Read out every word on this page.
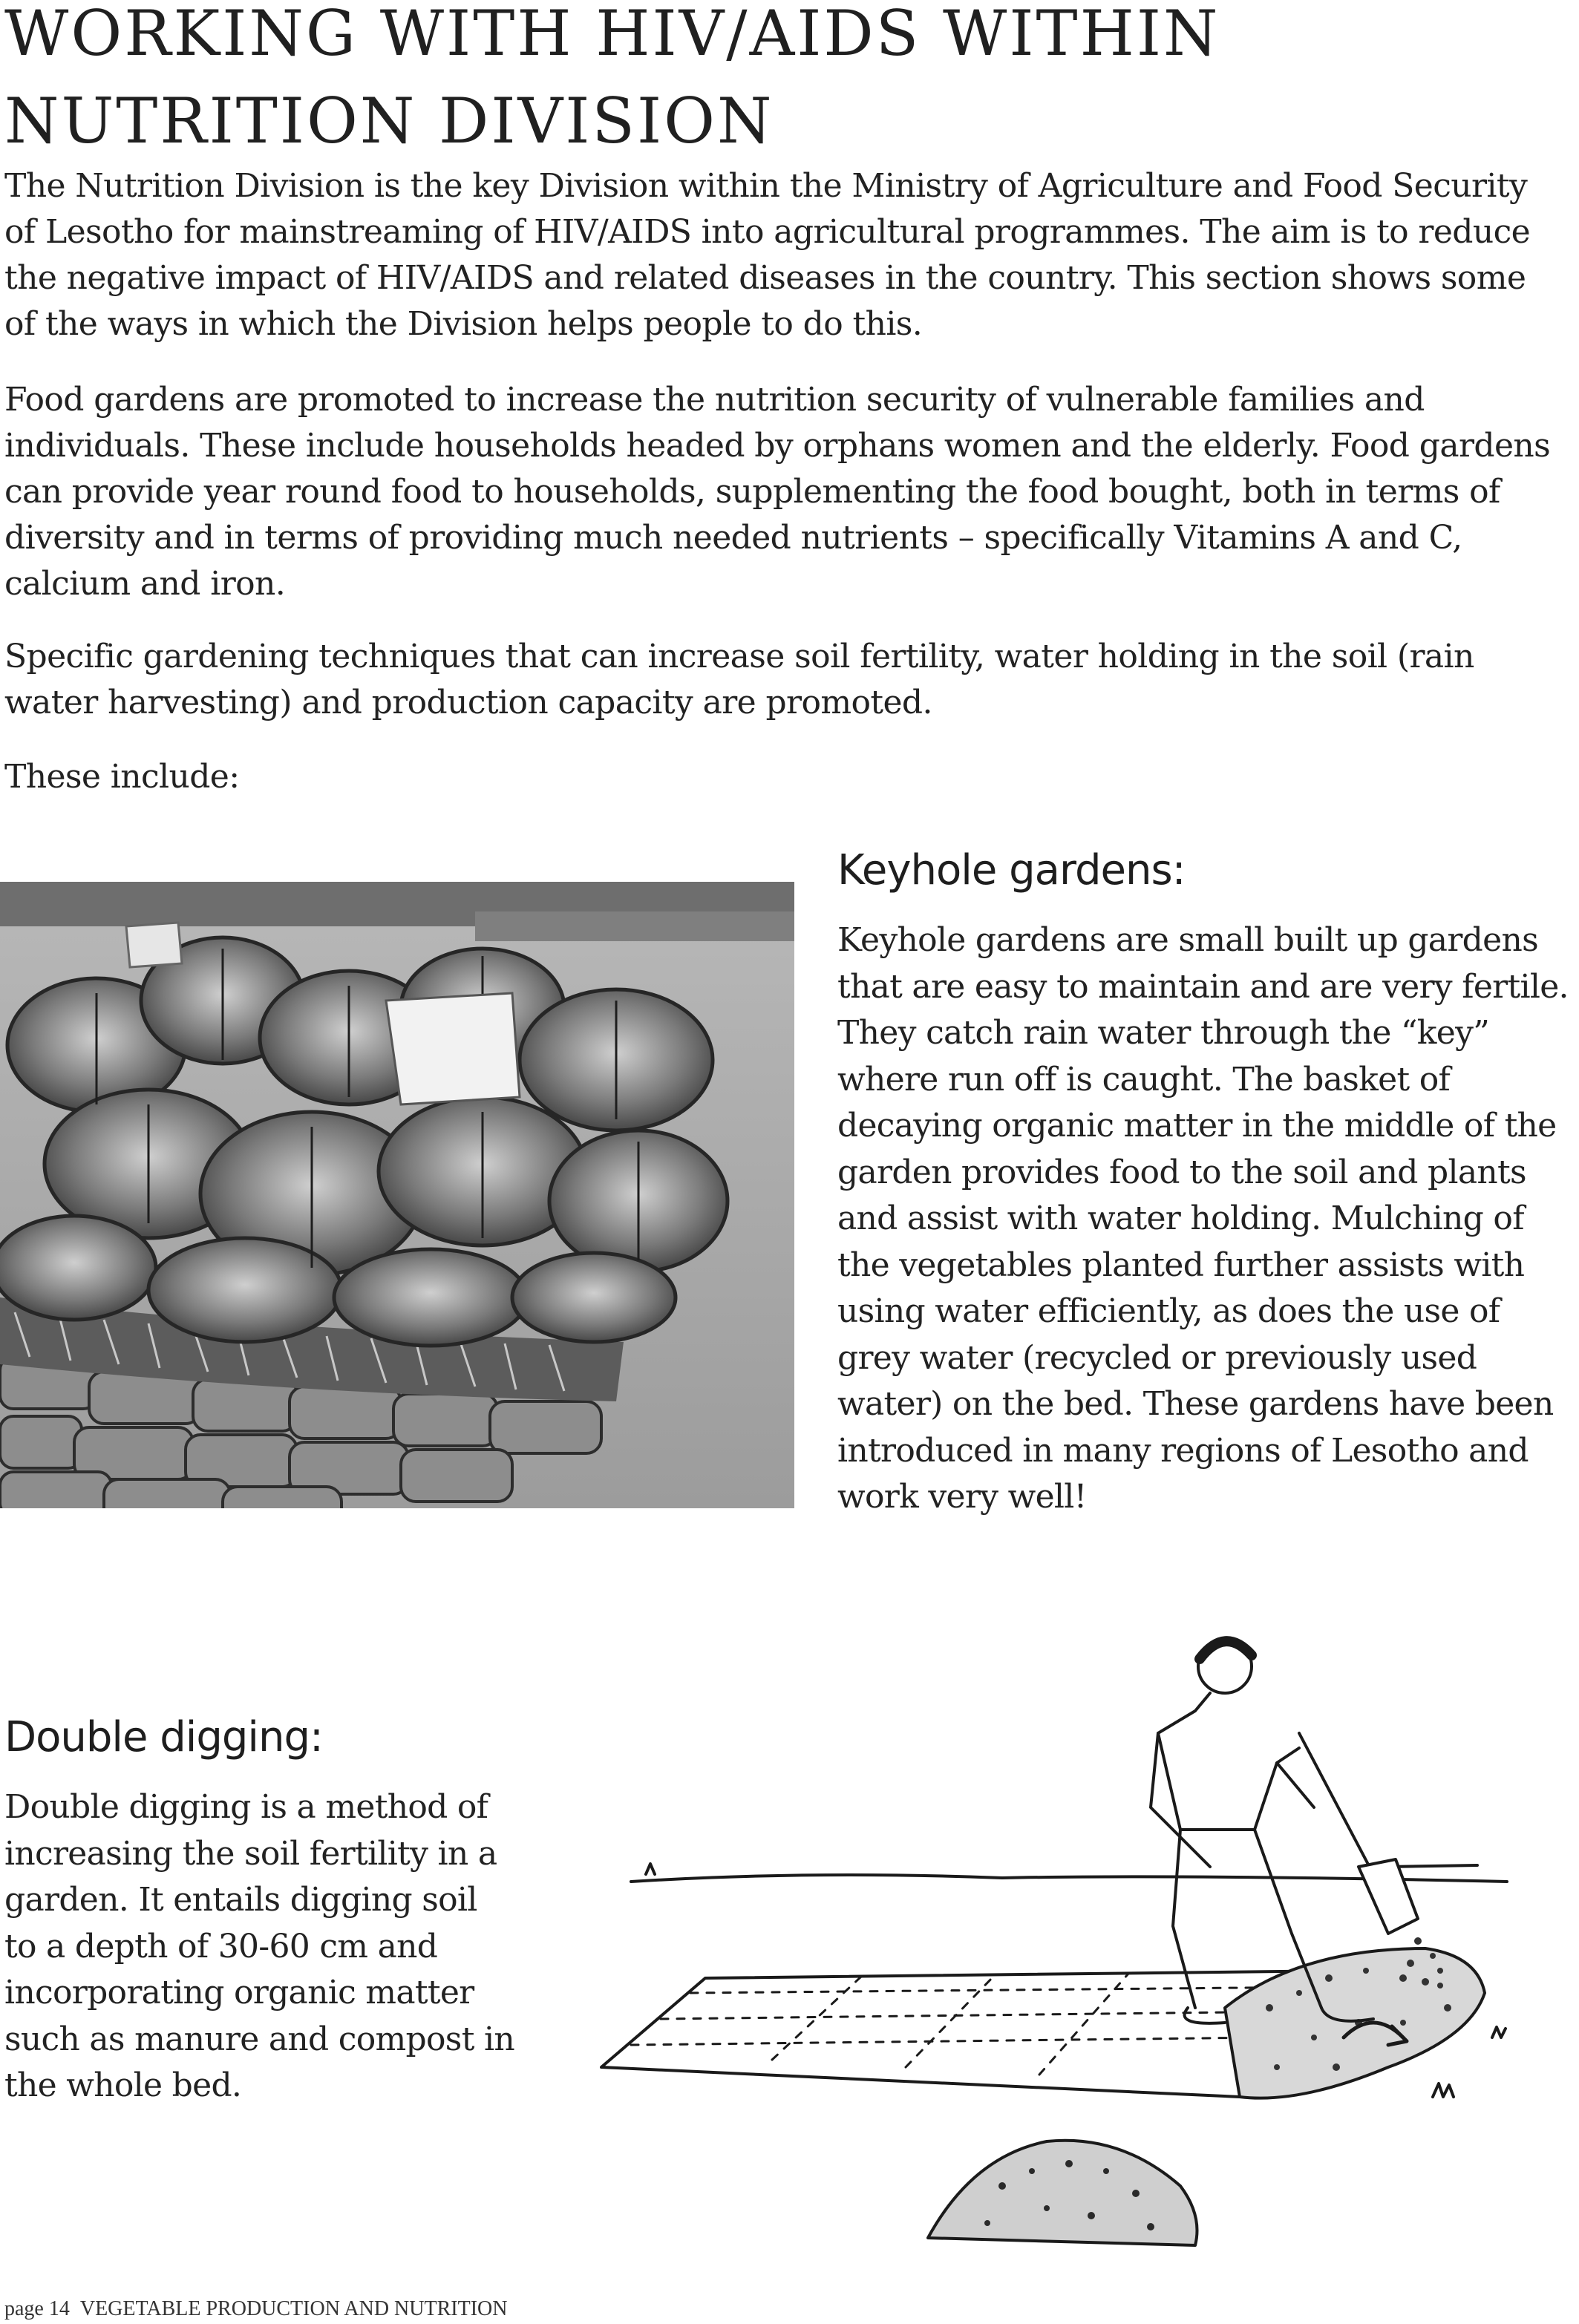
WORKING WITH HIV/AIDS WITHIN NUTRITION DIVISION

The Nutrition Division is the key Division within the Ministry of Agriculture and Food Security of Lesotho for mainstreaming of HIV/AIDS into agricultural programmes. The aim is to reduce the negative impact of HIV/AIDS and related diseases in the country. This section shows some of the ways in which the Division helps people to do this.

Food gardens are promoted to increase the nutrition security of vulnerable families and individuals. These include households headed by orphans women and the elderly. Food gardens can provide year round food to households, supplementing the food bought, both in terms of diversity and in terms of providing much needed nutrients – specifically Vitamins A and C, calcium and iron.

Specific gardening techniques that can increase soil fertility, water holding in the soil (rain water harvesting) and production capacity are promoted.

These include:

Keyhole gardens:

Keyhole gardens are small built up gardens that are easy to maintain and are very fertile. They catch rain water through the “key” where run off is caught. The basket of decaying organic matter in the middle of the garden provides food to the soil and plants and assist with water holding. Mulching of the vegetables planted further assists with using water efficiently, as does the use of grey water (recycled or previously used water) on the bed. These gardens have been introduced in many regions of Lesotho and work very well!

Double digging:

Double digging is a method of increasing the soil fertility in a garden. It entails digging soil to a depth of 30-60 cm and incorporating organic matter such as manure and compost in the whole bed.

page 14 VEGETABLE PRODUCTION AND NUTRITION
